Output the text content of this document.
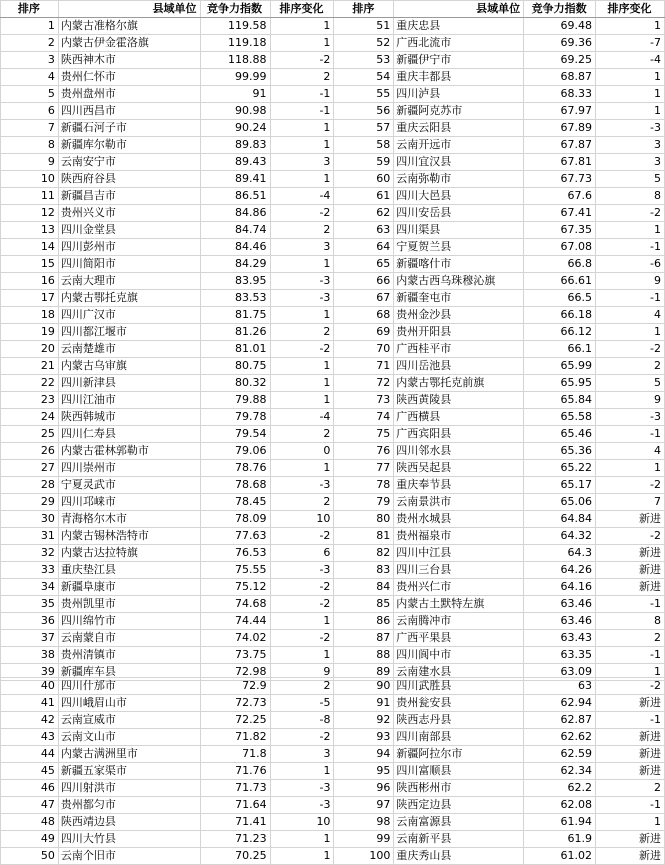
排序	县域单位	竞争力指数	排序变化	排序	县域单位	竞争力指数	排序变化
1	内蒙古准格尔旗	119.58	1	51	重庆忠县	69.48	1
2	内蒙古伊金霍洛旗	119.18	1	52	广西北流市	69.36	-7
3	陕西神木市	118.88	-2	53	新疆伊宁市	69.25	-4
4	贵州仁怀市	99.99	2	54	重庆丰都县	68.87	1
5	贵州盘州市	91	-1	55	四川泸县	68.33	1
6	四川西昌市	90.98	-1	56	新疆阿克苏市	67.97	1
7	新疆石河子市	90.24	1	57	重庆云阳县	67.89	-3
8	新疆库尔勒市	89.83	1	58	云南开远市	67.87	3
9	云南安宁市	89.43	3	59	四川宜汉县	67.81	3
10	陕西府谷县	89.41	1	60	云南弥勒市	67.73	5
11	新疆昌吉市	86.51	-4	61	四川大邑县	67.6	8
12	贵州兴义市	84.86	-2	62	四川安岳县	67.41	-2
13	四川金堂县	84.74	2	63	四川渠县	67.35	1
14	四川彭州市	84.46	3	64	宁夏贺兰县	67.08	-1
15	四川简阳市	84.29	1	65	新疆喀什市	66.8	-6
16	云南大理市	83.95	-3	66	内蒙古西乌珠穆沁旗	66.61	9
17	内蒙古鄂托克旗	83.53	-3	67	新疆奎屯市	66.5	-1
18	四川广汉市	81.75	1	68	贵州金沙县	66.18	4
19	四川都江堰市	81.26	2	69	贵州开阳县	66.12	1
20	云南楚雄市	81.01	-2	70	广西桂平市	66.1	-2
21	内蒙古乌审旗	80.75	1	71	四川岳池县	65.99	2
22	四川新津县	80.32	1	72	内蒙古鄂托克前旗	65.95	5
23	四川江油市	79.88	1	73	陕西黄陵县	65.84	9
24	陕西韩城市	79.78	-4	74	广西横县	65.58	-3
25	四川仁寿县	79.54	2	75	广西宾阳县	65.46	-1
26	内蒙古霍林郭勒市	79.06	0	76	四川邻水县	65.36	4
27	四川崇州市	78.76	1	77	陕西吴起县	65.22	1
28	宁夏灵武市	78.68	-3	78	重庆奉节县	65.17	-2
29	四川邛崃市	78.45	2	79	云南景洪市	65.06	7
30	青海格尔木市	78.09	10	80	贵州水城县	64.84	新进
31	内蒙古锡林浩特市	77.63	-2	81	贵州福泉市	64.32	-2
32	内蒙古达拉特旗	76.53	6	82	四川中江县	64.3	新进
33	重庆垫江县	75.55	-3	83	四川三台县	64.26	新进
34	新疆阜康市	75.12	-2	84	贵州兴仁市	64.16	新进
35	贵州凯里市	74.68	-2	85	内蒙古土默特左旗	63.46	-1
36	四川绵竹市	74.44	1	86	云南腾冲市	63.46	8
37	云南蒙自市	74.02	-2	87	广西平果县	63.43	2
38	贵州清镇市	73.75	1	88	四川阆中市	63.35	-1
39	新疆库车县	72.98	9	89	云南建水县	63.09	1
40	四川什邡市	72.9	2	90	四川武胜县	63	-2
41	四川峨眉山市	72.73	-5	91	贵州瓮安县	62.94	新进
42	云南宣威市	72.25	-8	92	陕西志丹县	62.87	-1
43	云南文山市	71.82	-2	93	四川南部县	62.62	新进
44	内蒙古满洲里市	71.8	3	94	新疆阿拉尔市	62.59	新进
45	新疆五家渠市	71.76	1	95	四川富顺县	62.34	新进
46	四川射洪市	71.73	-3	96	陕西彬州市	62.2	2
47	贵州都匀市	71.64	-3	97	陕西定边县	62.08	-1
48	陕西靖边县	71.41	10	98	云南富源县	61.94	1
49	四川大竹县	71.23	1	99	云南新平县	61.9	新进
50	云南个旧市	70.25	1	100	重庆秀山县	61.02	新进
